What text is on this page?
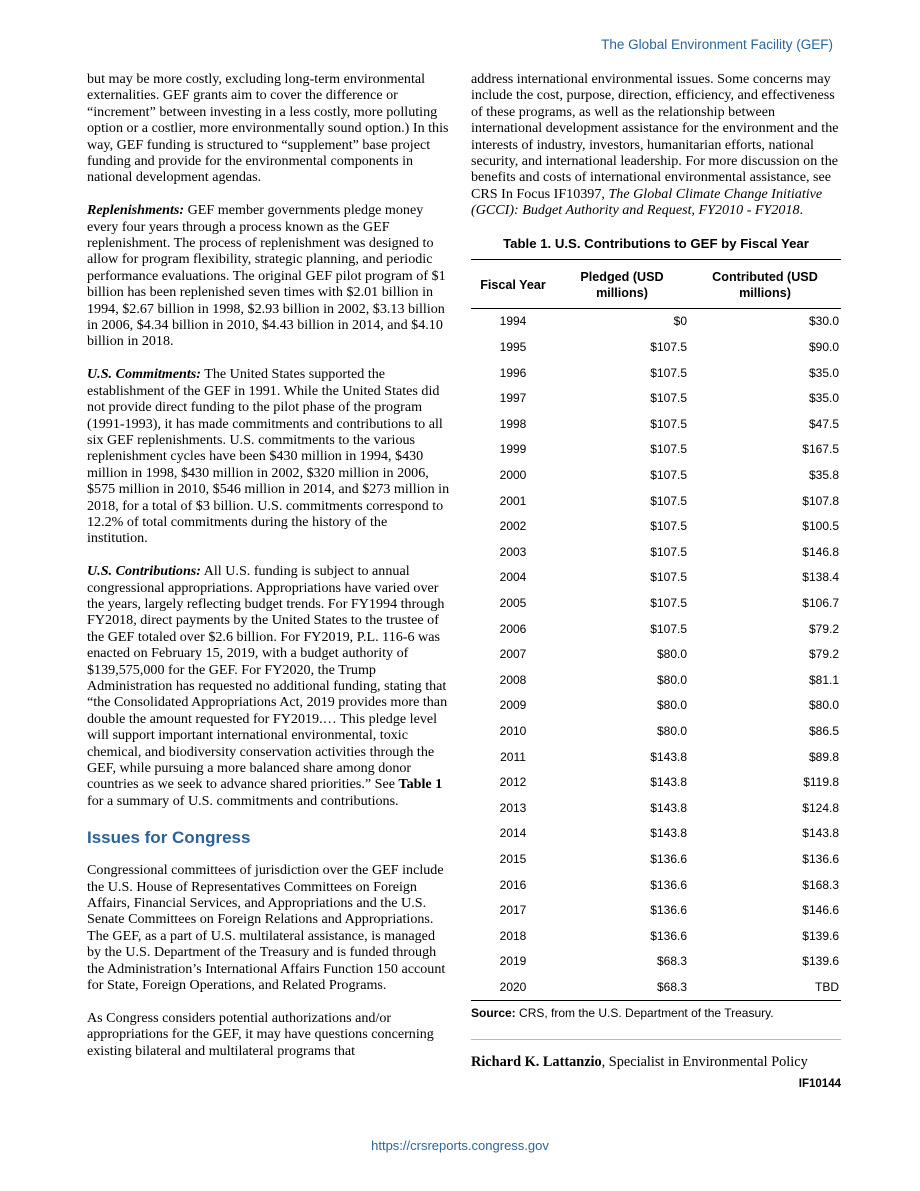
The Global Environment Facility (GEF)

but may be more costly, excluding long-term environmental externalities. GEF grants aim to cover the difference or “increment” between investing in a less costly, more polluting option or a costlier, more environmentally sound option.) In this way, GEF funding is structured to “supplement” base project funding and provide for the environmental components in national development agendas.

Replenishments: GEF member governments pledge money every four years through a process known as the GEF replenishment. The process of replenishment was designed to allow for program flexibility, strategic planning, and periodic performance evaluations. The original GEF pilot program of $1 billion has been replenished seven times with $2.01 billion in 1994, $2.67 billion in 1998, $2.93 billion in 2002, $3.13 billion in 2006, $4.34 billion in 2010, $4.43 billion in 2014, and $4.10 billion in 2018.

U.S. Commitments: The United States supported the establishment of the GEF in 1991. While the United States did not provide direct funding to the pilot phase of the program (1991-1993), it has made commitments and contributions to all six GEF replenishments. U.S. commitments to the various replenishment cycles have been $430 million in 1994, $430 million in 1998, $430 million in 2002, $320 million in 2006, $575 million in 2010, $546 million in 2014, and $273 million in 2018, for a total of $3 billion. U.S. commitments correspond to 12.2% of total commitments during the history of the institution.

U.S. Contributions: All U.S. funding is subject to annual congressional appropriations. Appropriations have varied over the years, largely reflecting budget trends. For FY1994 through FY2018, direct payments by the United States to the trustee of the GEF totaled over $2.6 billion. For FY2019, P.L. 116-6 was enacted on February 15, 2019, with a budget authority of $139,575,000 for the GEF. For FY2020, the Trump Administration has requested no additional funding, stating that “the Consolidated Appropriations Act, 2019 provides more than double the amount requested for FY2019.… This pledge level will support important international environmental, toxic chemical, and biodiversity conservation activities through the GEF, while pursuing a more balanced share among donor countries as we seek to advance shared priorities.” See Table 1 for a summary of U.S. commitments and contributions.

Issues for Congress

Congressional committees of jurisdiction over the GEF include the U.S. House of Representatives Committees on Foreign Affairs, Financial Services, and Appropriations and the U.S. Senate Committees on Foreign Relations and Appropriations. The GEF, as a part of U.S. multilateral assistance, is managed by the U.S. Department of the Treasury and is funded through the Administration’s International Affairs Function 150 account for State, Foreign Operations, and Related Programs.

As Congress considers potential authorizations and/or appropriations for the GEF, it may have questions concerning existing bilateral and multilateral programs that

address international environmental issues. Some concerns may include the cost, purpose, direction, efficiency, and effectiveness of these programs, as well as the relationship between international development assistance for the environment and the interests of industry, investors, humanitarian efforts, national security, and international leadership. For more discussion on the benefits and costs of international environmental assistance, see CRS In Focus IF10397, The Global Climate Change Initiative (GCCI): Budget Authority and Request, FY2010 - FY2018.

Table 1. U.S. Contributions to GEF by Fiscal Year
Fiscal Year	Pledged (USD millions)	Contributed (USD millions)
1994	$0	$30.0
1995	$107.5	$90.0
1996	$107.5	$35.0
1997	$107.5	$35.0
1998	$107.5	$47.5
1999	$107.5	$167.5
2000	$107.5	$35.8
2001	$107.5	$107.8
2002	$107.5	$100.5
2003	$107.5	$146.8
2004	$107.5	$138.4
2005	$107.5	$106.7
2006	$107.5	$79.2
2007	$80.0	$79.2
2008	$80.0	$81.1
2009	$80.0	$80.0
2010	$80.0	$86.5
2011	$143.8	$89.8
2012	$143.8	$119.8
2013	$143.8	$124.8
2014	$143.8	$143.8
2015	$136.6	$136.6
2016	$136.6	$168.3
2017	$136.6	$146.6
2018	$136.6	$139.6
2019	$68.3	$139.6
2020	$68.3	TBD
Source: CRS, from the U.S. Department of the Treasury.
Richard K. Lattanzio, Specialist in Environmental Policy
IF10144
https://crsreports.congress.gov
